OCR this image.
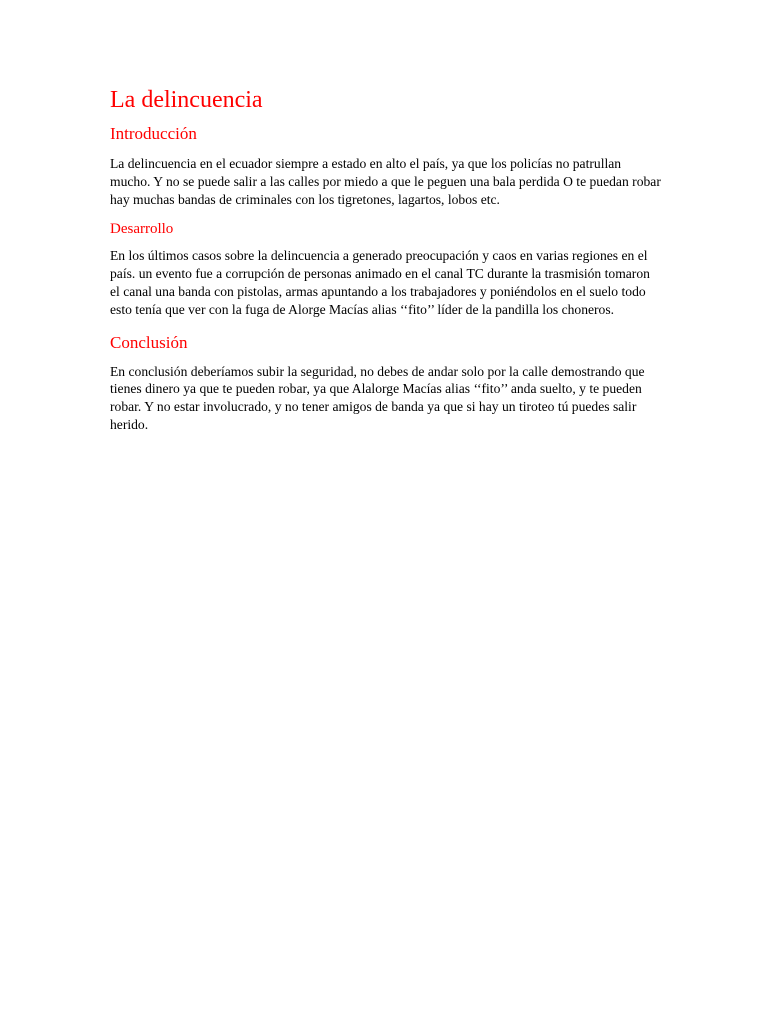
La delincuencia
Introducción

La delincuencia en el ecuador siempre a estado en alto el país, ya que los policías no patrullan mucho. Y no se puede salir a las calles por miedo a que le peguen una bala perdida O te puedan robar hay muchas bandas de criminales con los tigretones, lagartos, lobos etc.

Desarrollo

En los últimos casos sobre la delincuencia a generado preocupación y caos en varias regiones en el país. un evento fue a corrupción de personas animado en el canal TC durante la trasmisión tomaron el canal una banda con pistolas, armas apuntando a los trabajadores y poniéndolos en el suelo todo esto tenía que ver con la fuga de Alorge Macías alias ‘‘fito’’ líder de la pandilla los choneros.

Conclusión

En conclusión deberíamos subir la seguridad, no debes de andar solo por la calle demostrando que tienes dinero ya que te pueden robar, ya que Alalorge Macías alias ‘‘fito’’ anda suelto, y te pueden robar. Y no estar involucrado, y no tener amigos de banda ya que si hay un tiroteo tú puedes salir herido.
